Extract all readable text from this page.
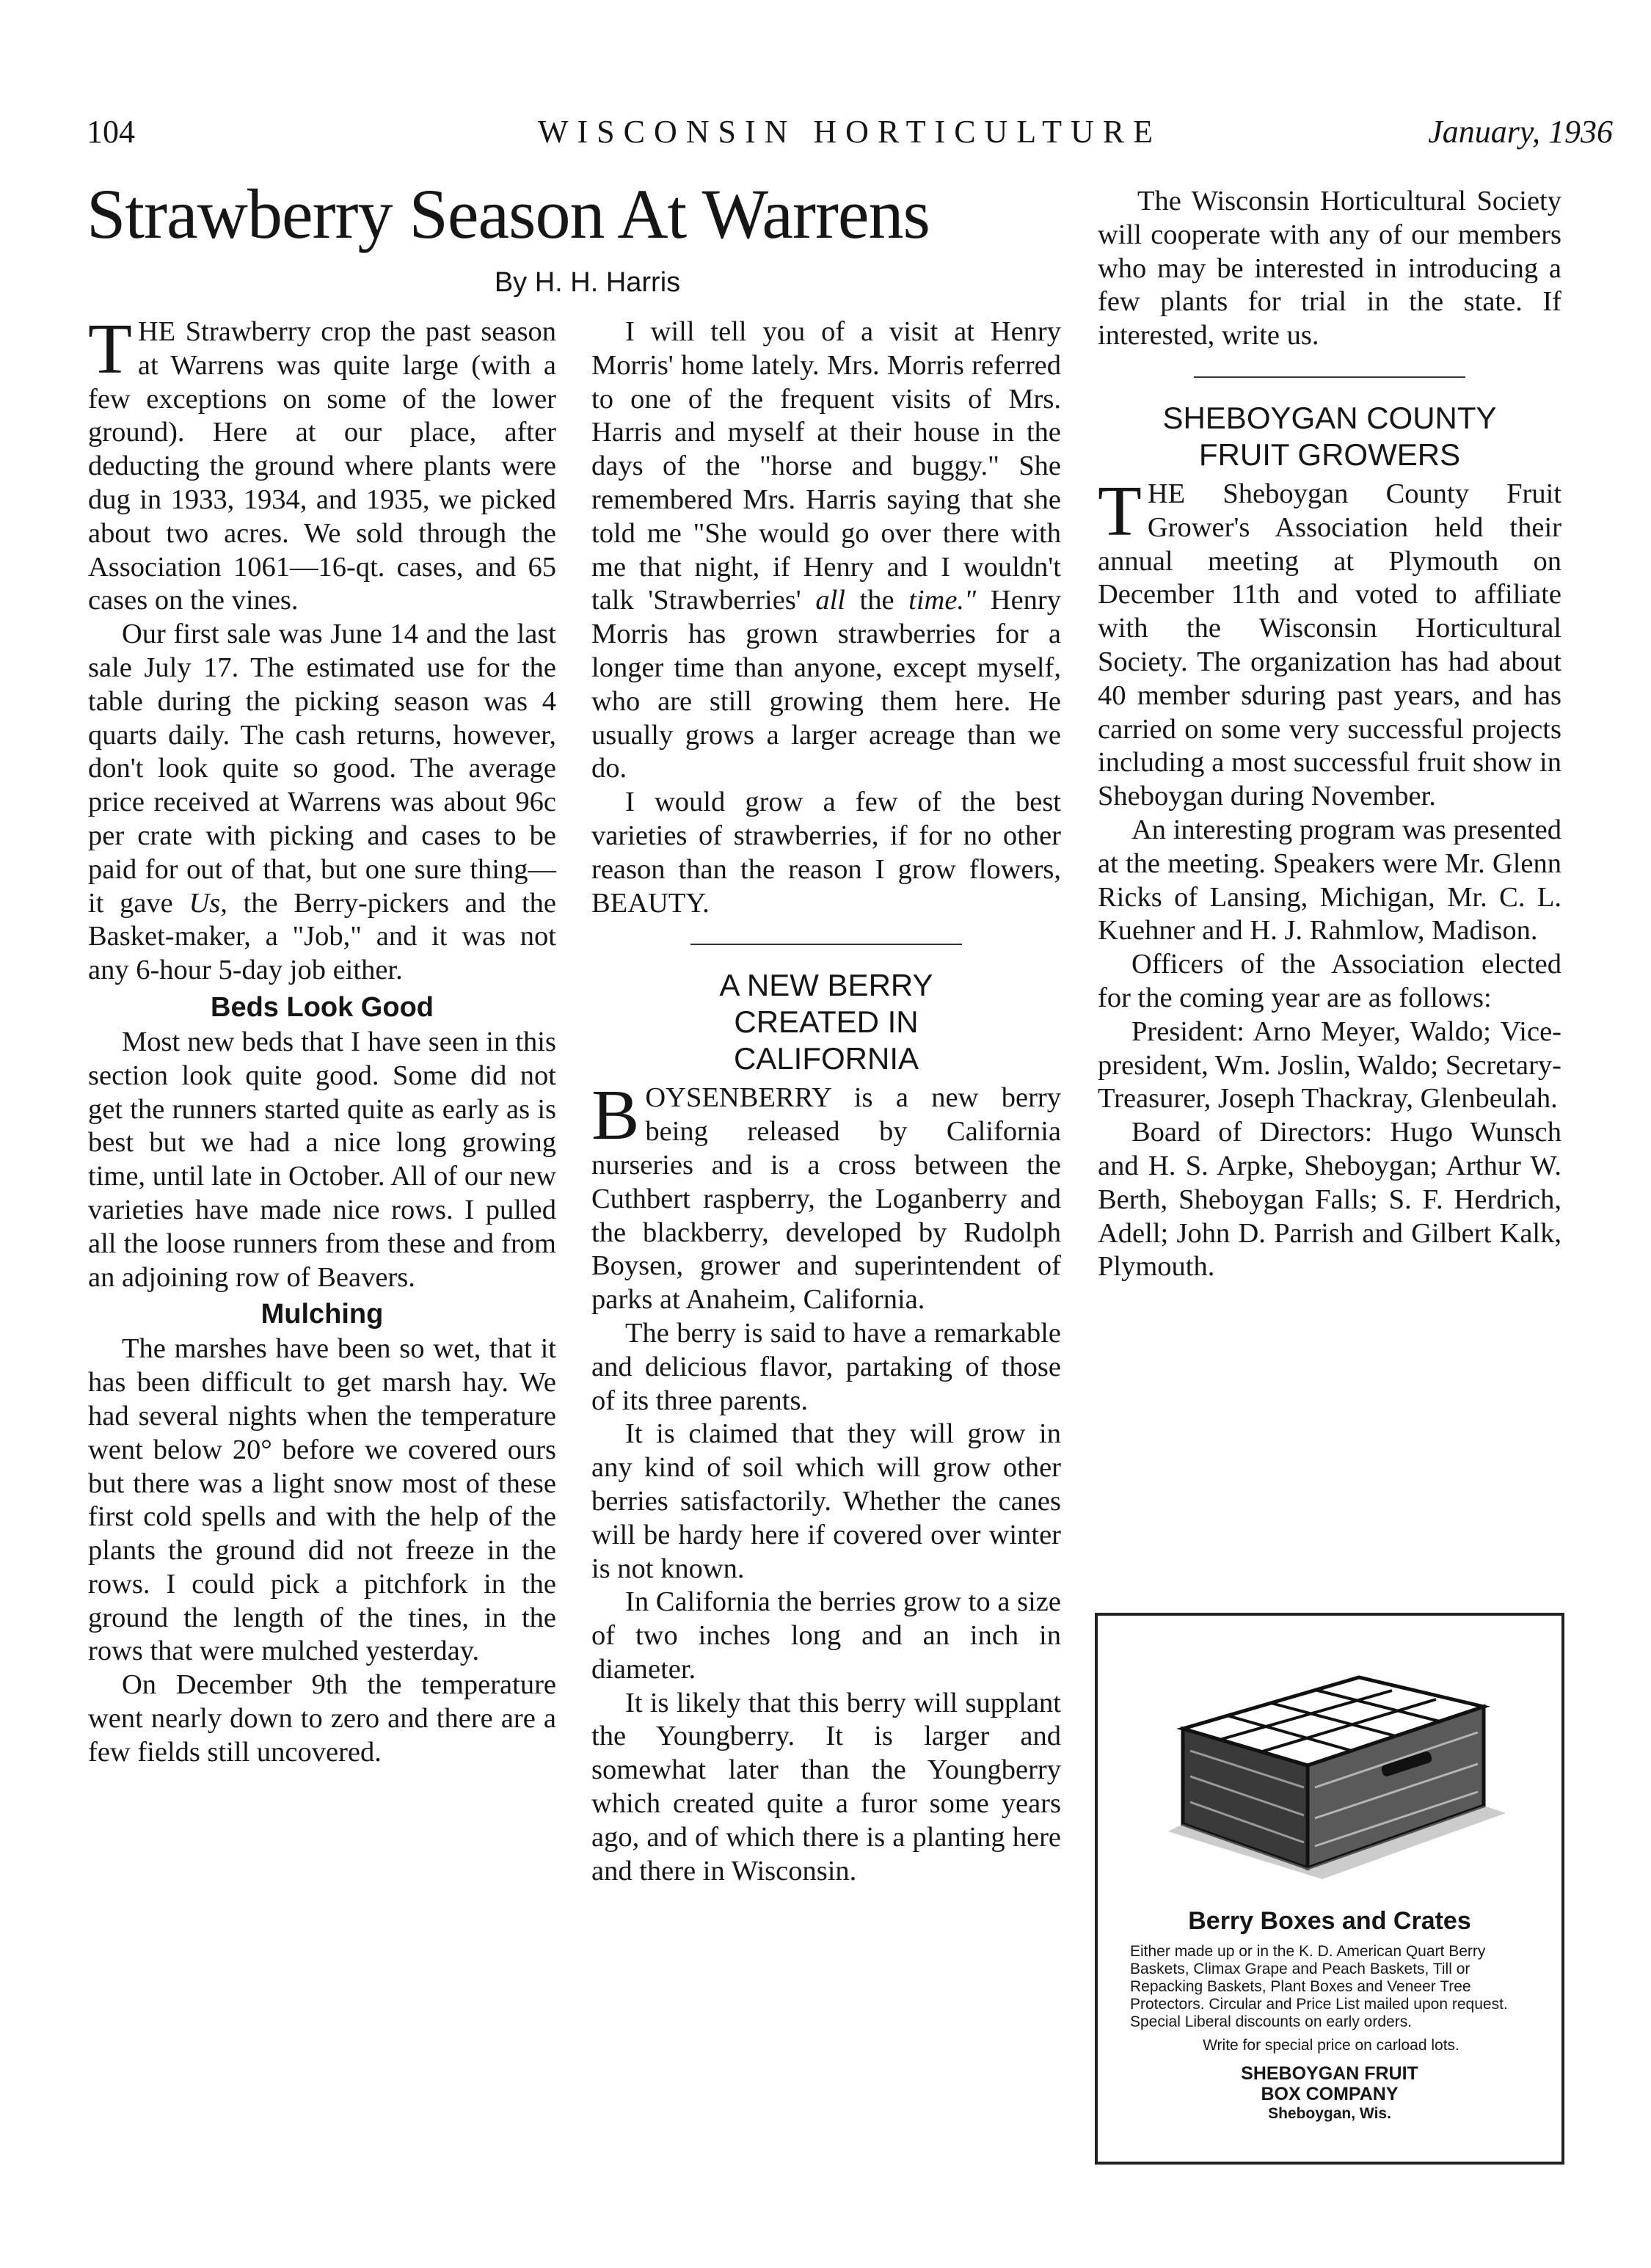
104	WISCONSIN HORTICULTURE	January, 1936
Strawberry Season At Warrens
By H. H. Harris

THE Strawberry crop the past season at Warrens was quite large (with a few exceptions on some of the lower ground). Here at our place, after deducting the ground where plants were dug in 1933, 1934, and 1935, we picked about two acres. We sold through the Association 1061—16-qt. cases, and 65 cases on the vines.

Our first sale was June 14 and the last sale July 17. The estimated use for the table during the picking season was 4 quarts daily. The cash returns, however, don't look quite so good. The average price received at Warrens was about 96c per crate with picking and cases to be paid for out of that, but one sure thing—it gave Us, the Berry-pickers and the Basket-maker, a "Job," and it was not any 6-hour 5-day job either.

Beds Look Good

Most new beds that I have seen in this section look quite good. Some did not get the runners started quite as early as is best but we had a nice long growing time, until late in October. All of our new varieties have made nice rows. I pulled all the loose runners from these and from an adjoining row of Beavers.

Mulching

The marshes have been so wet, that it has been difficult to get marsh hay. We had several nights when the temperature went below 20° before we covered ours but there was a light snow most of these first cold spells and with the help of the plants the ground did not freeze in the rows. I could pick a pitchfork in the ground the length of the tines, in the rows that were mulched yesterday.

On December 9th the temperature went nearly down to zero and there are a few fields still uncovered.

I will tell you of a visit at Henry Morris' home lately. Mrs. Morris referred to one of the frequent visits of Mrs. Harris and myself at their house in the days of the "horse and buggy." She remembered Mrs. Harris saying that she told me "She would go over there with me that night, if Henry and I wouldn't talk 'Strawberries' all the time." Henry Morris has grown strawberries for a longer time than anyone, except myself, who are still growing them here. He usually grows a larger acreage than we do.

I would grow a few of the best varieties of strawberries, if for no other reason than the reason I grow flowers, BEAUTY.

A NEW BERRY CREATED IN CALIFORNIA

BOYSENBERRY is a new berry being released by California nurseries and is a cross between the Cuthbert raspberry, the Loganberry and the blackberry, developed by Rudolph Boysen, grower and superintendent of parks at Anaheim, California.

The berry is said to have a remarkable and delicious flavor, partaking of those of its three parents.

It is claimed that they will grow in any kind of soil which will grow other berries satisfactorily. Whether the canes will be hardy here if covered over winter is not known.

In California the berries grow to a size of two inches long and an inch in diameter.

It is likely that this berry will supplant the Youngberry. It is larger and somewhat later than the Youngberry which created quite a furor some years ago, and of which there is a planting here and there in Wisconsin.

The Wisconsin Horticultural Society will cooperate with any of our members who may be interested in introducing a few plants for trial in the state. If interested, write us.

SHEBOYGAN COUNTY FRUIT GROWERS

THE Sheboygan County Fruit Grower's Association held their annual meeting at Plymouth on December 11th and voted to affiliate with the Wisconsin Horticultural Society. The organization has had about 40 member sduring past years, and has carried on some very successful projects including a most successful fruit show in Sheboygan during November.

An interesting program was presented at the meeting. Speakers were Mr. Glenn Ricks of Lansing, Michigan, Mr. C. L. Kuehner and H. J. Rahmlow, Madison.

Officers of the Association elected for the coming year are as follows:

President: Arno Meyer, Waldo; Vice-president, Wm. Joslin, Waldo; Secretary-Treasurer, Joseph Thackray, Glenbeulah.

Board of Directors: Hugo Wunsch and H. S. Arpke, Sheboygan; Arthur W. Berth, Sheboygan Falls; S. F. Herdrich, Adell; John D. Parrish and Gilbert Kalk, Plymouth.

Berry Boxes and Crates

Either made up or in the K. D. American Quart Berry Baskets, Climax Grape and Peach Baskets, Till or Repacking Baskets, Plant Boxes and Veneer Tree Protectors. Circular and Price List mailed upon request. Special Liberal discounts on early orders.

Write for special price on carload lots.

SHEBOYGAN FRUIT BOX COMPANY
Sheboygan, Wis.
